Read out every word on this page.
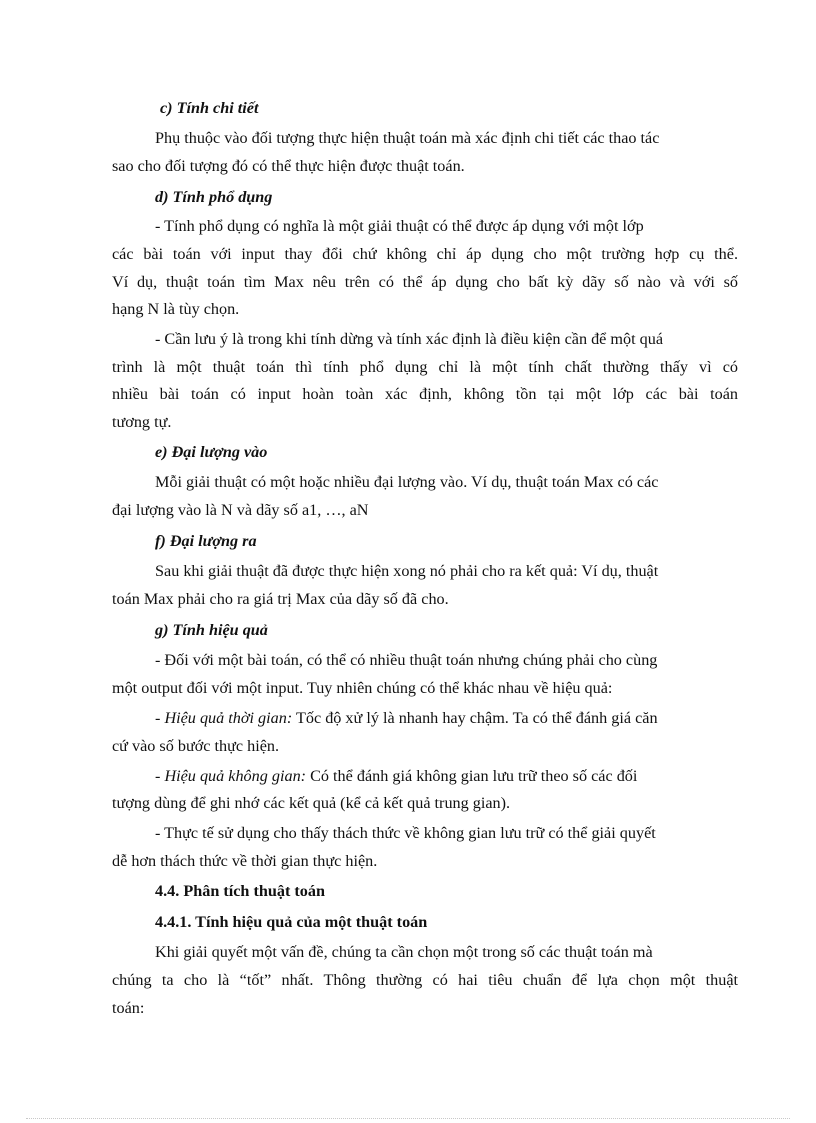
c) Tính chi tiết
Phụ thuộc vào đối tượng thực hiện thuật toán mà xác định chi tiết các thao tác
sao cho đối tượng đó có thể thực hiện được thuật toán.
d) Tính phổ dụng
- Tính phổ dụng có nghĩa là một giải thuật có thể được áp dụng với một lớp
các bài toán với input thay đổi chứ không chỉ áp dụng cho một trường hợp cụ thể.
Ví dụ, thuật toán tìm Max nêu trên có thể áp dụng cho bất kỳ dãy số nào và với số
hạng N là tùy chọn.
- Cần lưu ý là trong khi tính dừng và tính xác định là điều kiện cần để một quá
trình là một thuật toán thì tính phổ dụng chỉ là một tính chất thường thấy vì có
nhiều bài toán có input hoàn toàn xác định, không tồn tại một lớp các bài toán
tương tự.
e) Đại lượng vào
Mỗi giải thuật có một hoặc nhiều đại lượng vào. Ví dụ, thuật toán Max có các
đại lượng vào là N và dãy số a1, …, aN
f) Đại lượng ra
Sau khi giải thuật đã được thực hiện xong nó phải cho ra kết quả: Ví dụ, thuật
toán Max phải cho ra giá trị Max của dãy số đã cho.
g) Tính hiệu quả
- Đối với một bài toán, có thể có nhiều thuật toán nhưng chúng phải cho cùng
một output đối với một input. Tuy nhiên chúng có thể khác nhau về hiệu quả:
- Hiệu quả thời gian: Tốc độ xử lý là nhanh hay chậm. Ta có thể đánh giá căn
cứ vào số bước thực hiện.
- Hiệu quả không gian: Có thể đánh giá không gian lưu trữ theo số các đối
tượng dùng để ghi nhớ các kết quả (kể cả kết quả trung gian).
- Thực tế sử dụng cho thấy thách thức về không gian lưu trữ có thể giải quyết
dễ hơn thách thức về thời gian thực hiện.
4.4. Phân tích thuật toán
4.4.1. Tính hiệu quả của một thuật toán
Khi giải quyết một vấn đề, chúng ta cần chọn một trong số các thuật toán mà
chúng ta cho là “tốt” nhất. Thông thường có hai tiêu chuẩn để lựa chọn một thuật
toán:
